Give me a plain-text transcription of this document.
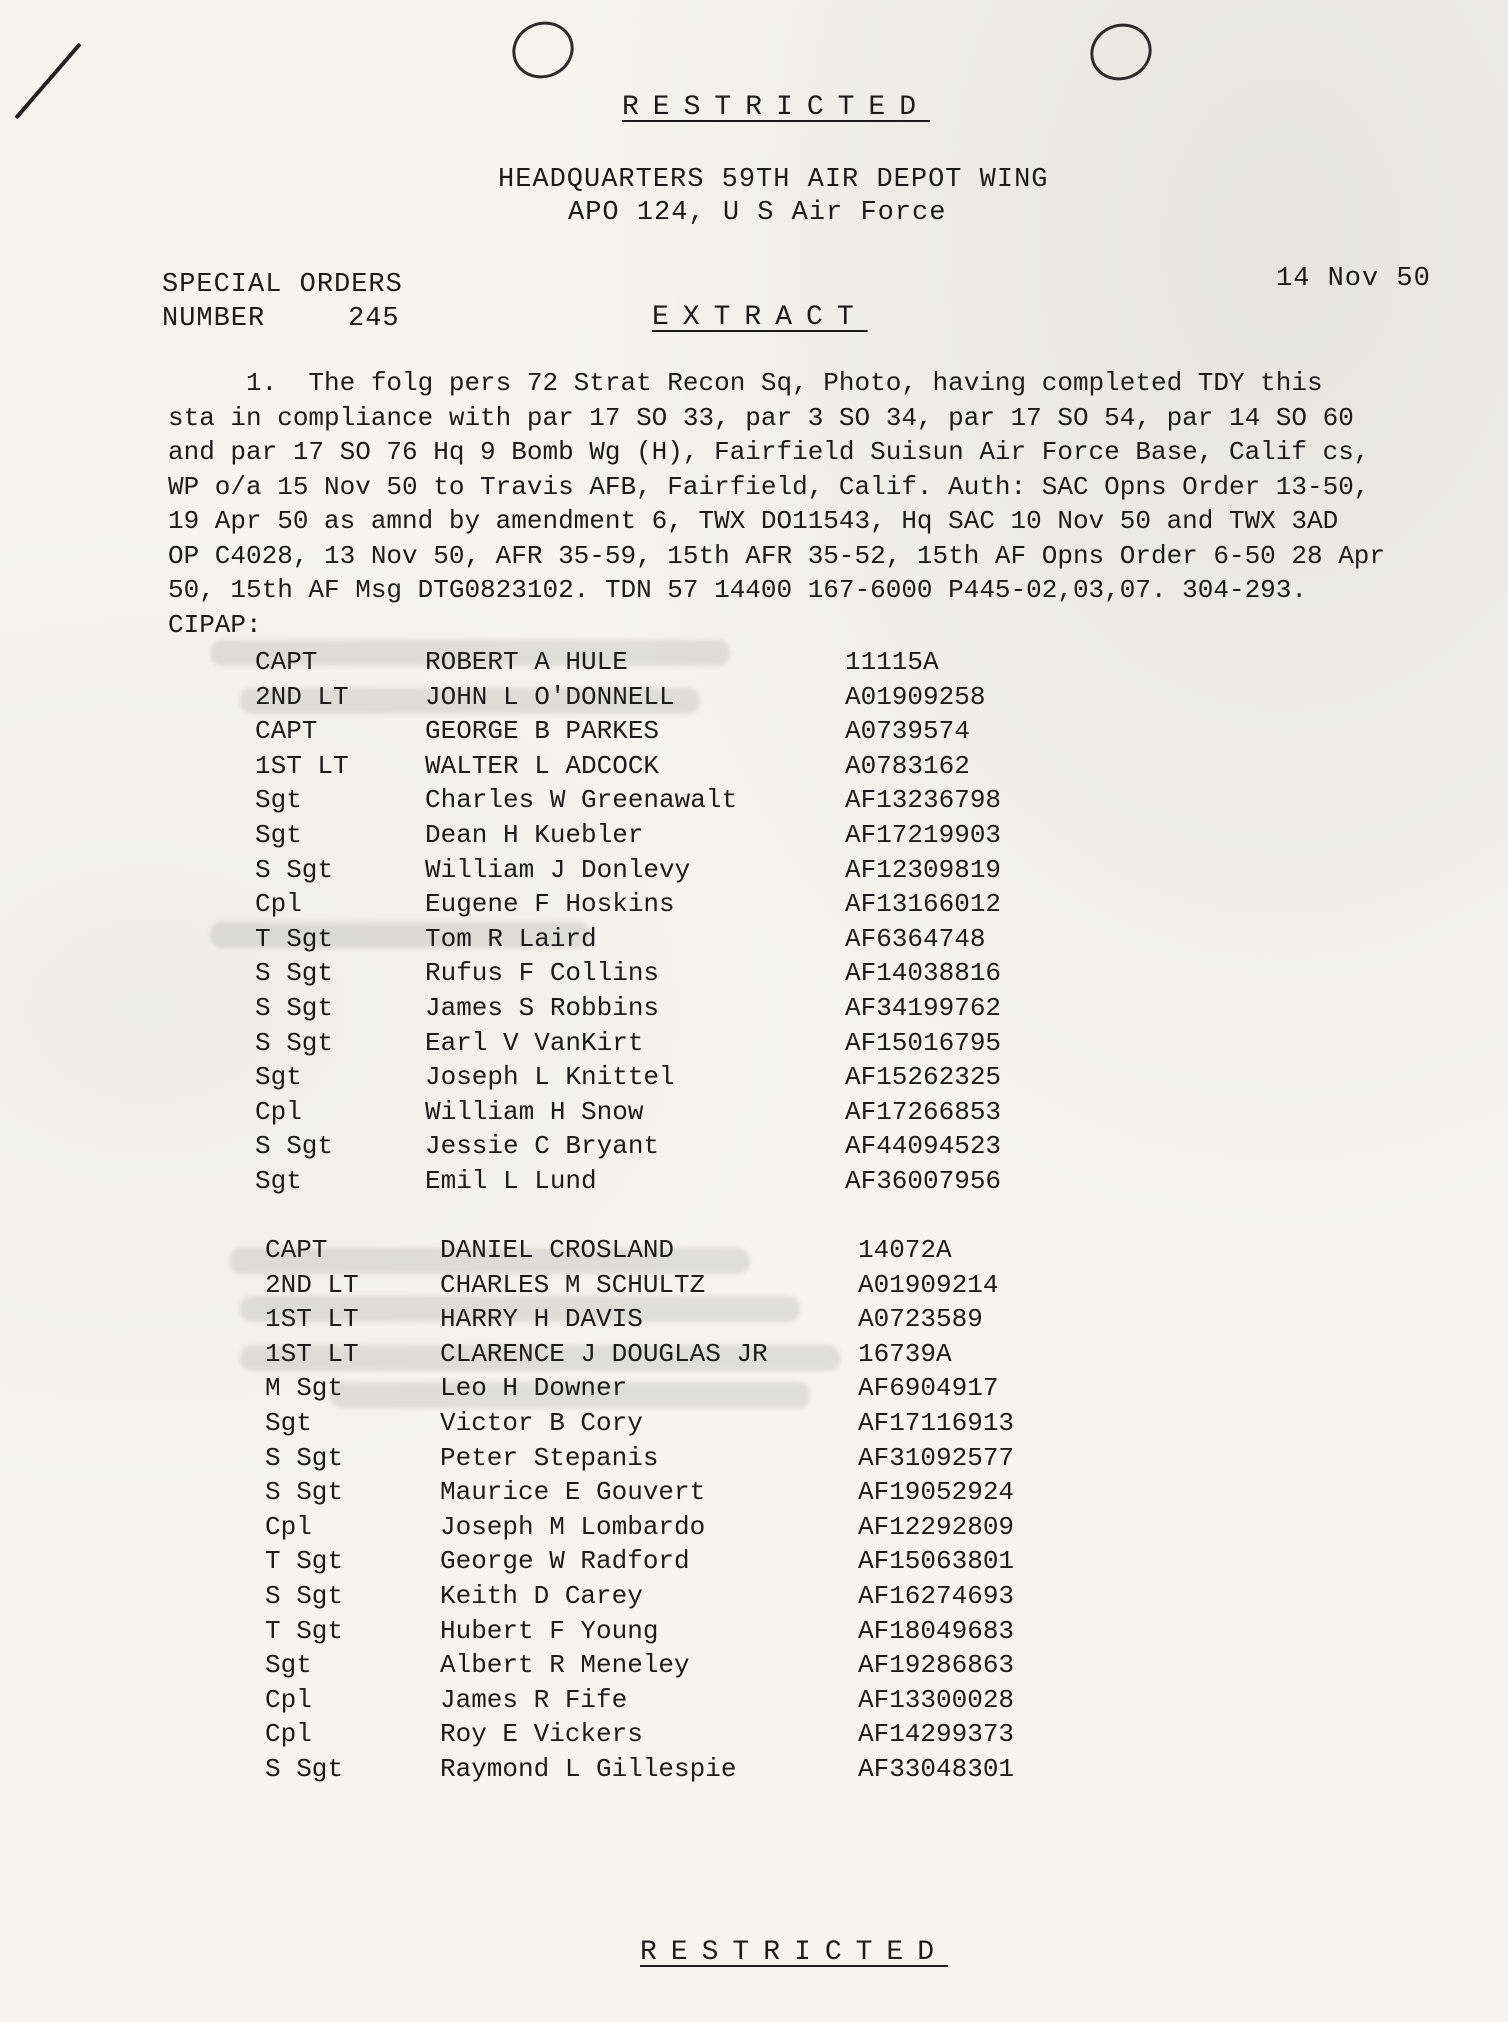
RESTRICTED
HEADQUARTERS 59TH AIR DEPOT WING
APO 124, U S Air Force
SPECIAL ORDERS
NUMBER	245
14 Nov 50
EXTRACT
1.  The folg pers 72 Strat Recon Sq, Photo, having completed TDY this
sta in compliance with par 17 SO 33, par 3 SO 34, par 17 SO 54, par 14 SO 60
and par 17 SO 76 Hq 9 Bomb Wg (H), Fairfield Suisun Air Force Base, Calif cs,
WP o/a 15 Nov 50 to Travis AFB, Fairfield, Calif. Auth: SAC Opns Order 13-50,
19 Apr 50 as amnd by amendment 6, TWX DO11543, Hq SAC 10 Nov 50 and TWX 3AD
OP C4028, 13 Nov 50, AFR 35-59, 15th AFR 35-52, 15th AF Opns Order 6-50 28 Apr
50, 15th AF Msg DTG0823102. TDN 57 14400 167-6000 P445-02,03,07. 304-293.
CIPAP:
CAPT	ROBERT A HULE	11115A
2ND LT	JOHN L O'DONNELL	A01909258
CAPT	GEORGE B PARKES	A0739574
1ST LT	WALTER L ADCOCK	A0783162
Sgt	Charles W Greenawalt	AF13236798
Sgt	Dean H Kuebler	AF17219903
S Sgt	William J Donlevy	AF12309819
Cpl	Eugene F Hoskins	AF13166012
T Sgt	Tom R Laird	AF6364748
S Sgt	Rufus F Collins	AF14038816
S Sgt	James S Robbins	AF34199762
S Sgt	Earl V VanKirt	AF15016795
Sgt	Joseph L Knittel	AF15262325
Cpl	William H Snow	AF17266853
S Sgt	Jessie C Bryant	AF44094523
Sgt	Emil L Lund	AF36007956
CAPT	DANIEL CROSLAND	14072A
2ND LT	CHARLES M SCHULTZ	A01909214
1ST LT	HARRY H DAVIS	A0723589
1ST LT	CLARENCE J DOUGLAS JR	16739A
M Sgt	Leo H Downer	AF6904917
Sgt	Victor B Cory	AF17116913
S Sgt	Peter Stepanis	AF31092577
S Sgt	Maurice E Gouvert	AF19052924
Cpl	Joseph M Lombardo	AF12292809
T Sgt	George W Radford	AF15063801
S Sgt	Keith D Carey	AF16274693
T Sgt	Hubert F Young	AF18049683
Sgt	Albert R Meneley	AF19286863
Cpl	James R Fife	AF13300028
Cpl	Roy E Vickers	AF14299373
S Sgt	Raymond L Gillespie	AF33048301
RESTRICTED
